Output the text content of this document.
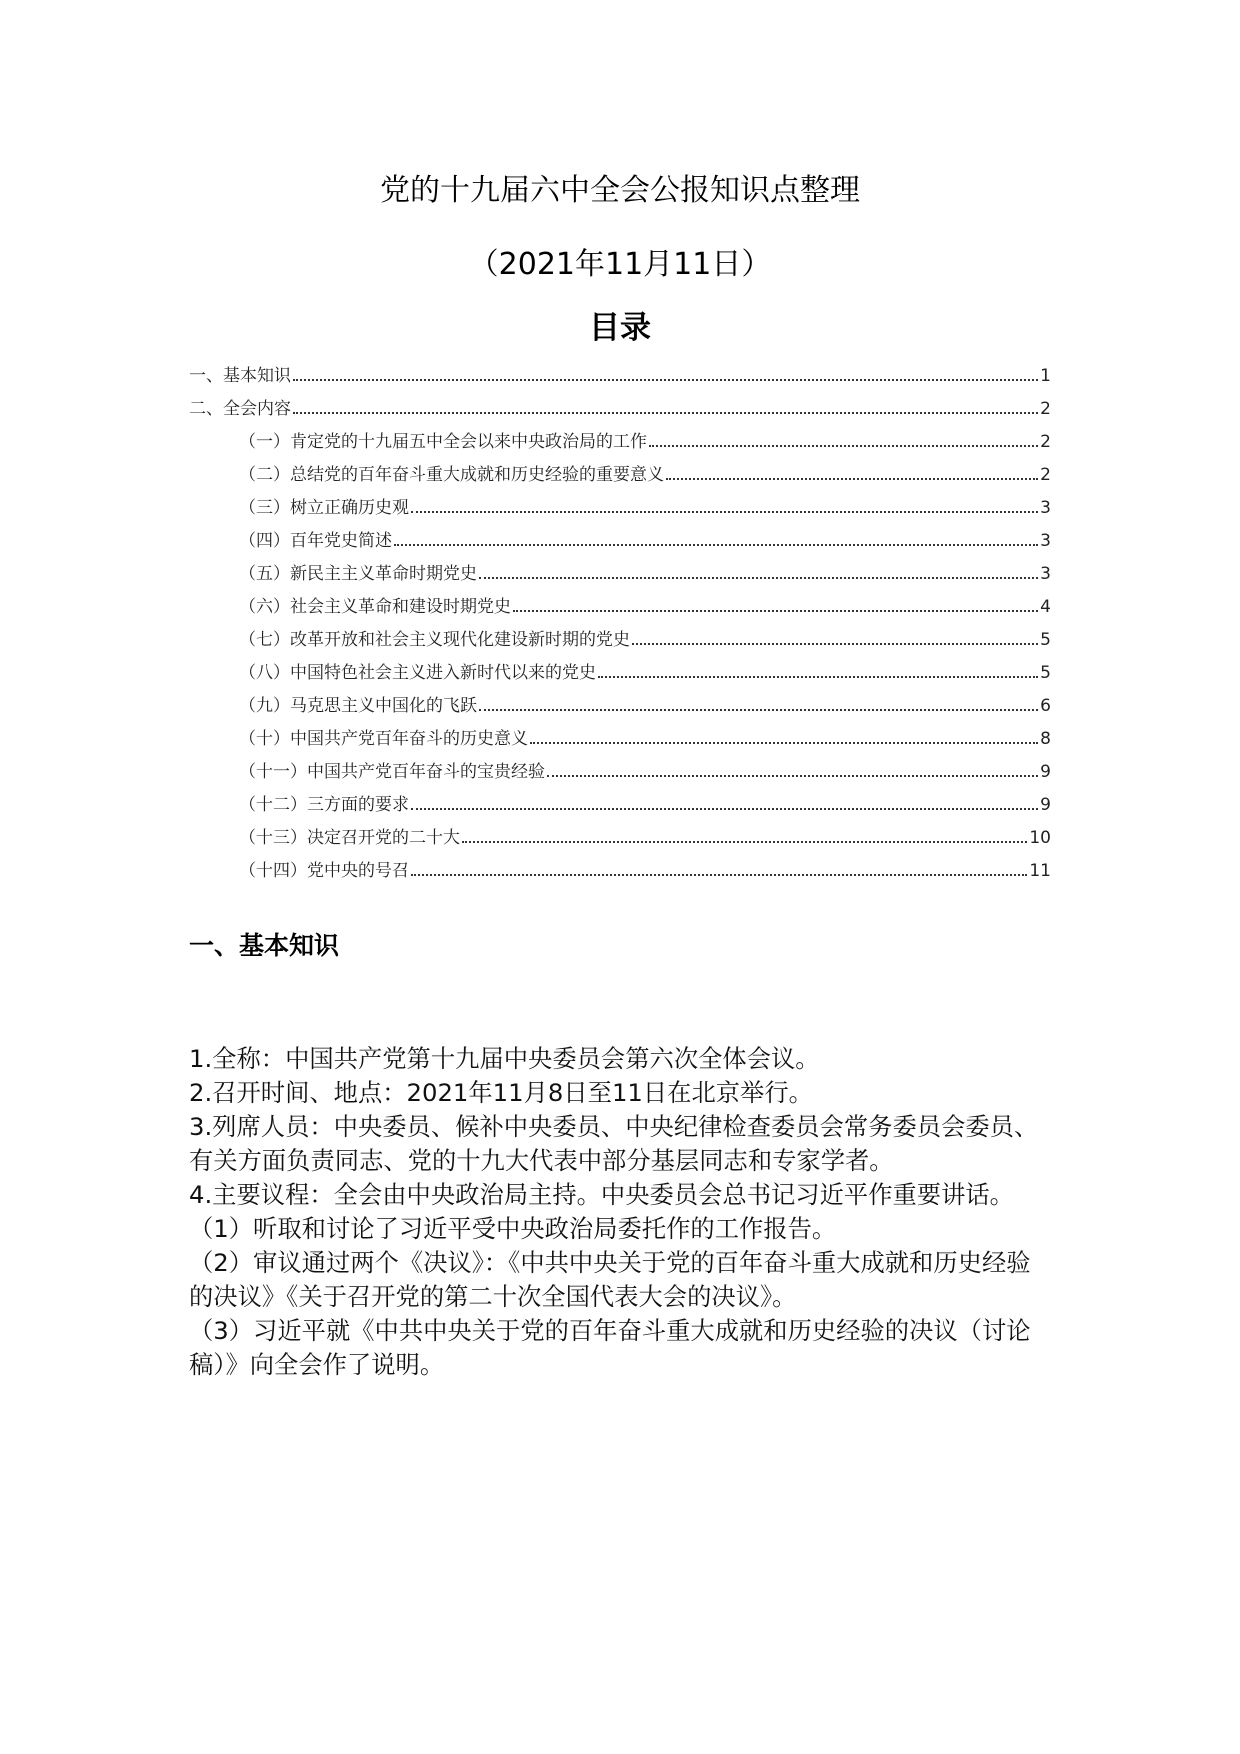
党的十九届六中全会公报知识点整理
（2021年11月11日）
目录
一、基本知识	1
二、全会内容	2
（一）肯定党的十九届五中全会以来中央政治局的工作	2
（二）总结党的百年奋斗重大成就和历史经验的重要意义	2
（三）树立正确历史观	3
（四）百年党史简述	3
（五）新民主主义革命时期党史	3
（六）社会主义革命和建设时期党史	4
（七）改革开放和社会主义现代化建设新时期的党史	5
（八）中国特色社会主义进入新时代以来的党史	5
（九）马克思主义中国化的飞跃	6
（十）中国共产党百年奋斗的历史意义	8
（十一）中国共产党百年奋斗的宝贵经验	9
（十二）三方面的要求	9
（十三）决定召开党的二十大	10
（十四）党中央的号召	11
一、基本知识

1.全称：中国共产党第十九届中央委员会第六次全体会议。

2.召开时间、地点：2021年11月8日至11日在北京举行。

3.列席人员：中央委员、候补中央委员、中央纪律检查委员会常务委员会委员、有关方面负责同志、党的十九大代表中部分基层同志和专家学者。

4.主要议程：全会由中央政治局主持。中央委员会总书记习近平作重要讲话。

（1）听取和讨论了习近平受中央政治局委托作的工作报告。

（2）审议通过两个《决议》：《中共中央关于党的百年奋斗重大成就和历史经验的决议》《关于召开党的第二十次全国代表大会的决议》。

（3）习近平就《中共中央关于党的百年奋斗重大成就和历史经验的决议（讨论稿）》向全会作了说明。
